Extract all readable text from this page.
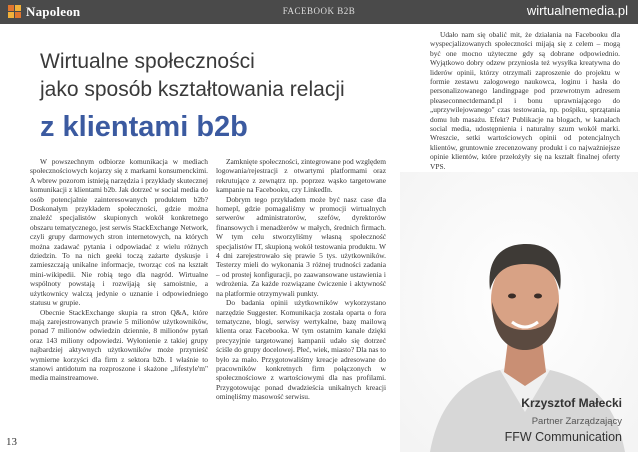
Napoleon	FACEBOOK B2B	wirtualnemedia.pl
Wirtualne społeczności
jako sposób kształtowania relacji
z klientami b2b

W powszechnym odbiorze komunikacja w mediach społecznościowych kojarzy się z markami konsumenckimi. A wbrew pozorom istnieją narzędzia i przykłady skutecznej komunikacji z klientami b2b. Jak dotrzeć w social media do osób potencjalnie zainteresowanych produktem b2b? Doskonałym przykładem społeczności, gdzie można znaleźć specjalistów skupionych wokół konkretnego obszaru tematycznego, jest serwis StackExchange Network, czyli grupy darmowych stron internetowych, na których można zadawać pytania i odpowiadać z wielu różnych dziedzin. To na nich geeki toczą zażarte dyskusje i zamieszczają unikalne informacje, tworząc coś na kształt mini-wikipedii. Nie robią tego dla nagród. Wirtualne wspólnoty powstają i rozwijają się samoistnie, a użytkownicy walczą jedynie o uznanie i odpowiedniego statusu w grupie.

Obecnie StackExchange skupia ra stron Q&A, które mają zarejestrowanych prawie 5 milionów użytkowników, ponad 7 milionów odwiedzin dziennie, 8 milionów pytań oraz 143 miliony odpowiedzi. Wyłonienie z takiej grupy najbardziej aktywnych użytkowników może przynieść wymierne korzyści dla firm z sektora b2b. I właśnie to stanowi antidotum na rozproszone i skażone „lifestyle'm" media mainstreamowe.

Zamknięte społeczności, zintegrowane pod względem logowania/rejestracji z otwartymi platformami oraz rekrutujące z zewnątrz np. poprzez wąsko targetowane kampanie na Facebooku, czy LinkedIn.

Dobrym tego przykładem może być nasz case dla homepl, gdzie pomagaliśmy w promocji wirtualnych serwerów administratorów, szefów, dyrektorów finansowych i menadżerów w małych, średnich firmach. W tym celu stworzyliśmy własną społeczność specjalistów IT, skupioną wokół testowania produktu. W 4 dni zarejestrowało się prawie 5 tys. użytkowników. Testerzy mieli do wykonania 3 różnej trudności zadania – od prostej konfiguracji, po zaawansowane ustawienia i wdrożenia. Za każde rozwiązane ćwiczenie i aktywność na platformie otrzymywali punkty.

Do badania opinii użytkowników wykorzystano narzędzie Suggester. Komunikacja została oparta o fora tematyczne, blogi, serwisy wertykalne, bazę mailową klienta oraz Facebooka. W tym ostatnim kanale dzięki precyzyjnie targetowanej kampanii udało się dotrzeć ściśle do grupy docelowej. Płeć, wiek, miasto? Dla nas to było za mało. Przygotowaliśmy kreacje adresowane do pracowników konkretnych firm połączonych w społecznościowe z wartościowymi dla nas profilami. Przygotowując ponad dwadzieścia unikalnych kreacji ominęliśmy masowość serwisu.

Udało nam się obalić mit, że działania na Facebooku dla wyspecjalizowanych społeczności mijają się z celem – mogą być one mocno użyteczne gdy są dobrane odpowiednio. Wyjątkowo dobry odzew przyniosła też wysyłka kreatywna do liderów opinii, którzy otrzymali zaproszenie do projektu w formie zestawu zalogowego naukowca, loginu i hasła do personalizowanego landingpage pod przewrotnym adresem pleaseconnectdemand.pl i bonu uprawniającego do „uprzywilejowanego" czas testowania, np. pośpiku, sprzątania domu lub masażu. Efekt? Publikacje na blogach, w kanałach social media, udostępnienia i naturalny szum wokół marki. Wreszcie, setki wartościowych opinii od potencjalnych klientów, gruntownie zrecenzowany produkt i co najważniejsze opinie klientów, które przełożyły się na kształt finalnej oferty VPS.

Krzysztof Małecki
Partner Zarządzający
FFW Communication
13
